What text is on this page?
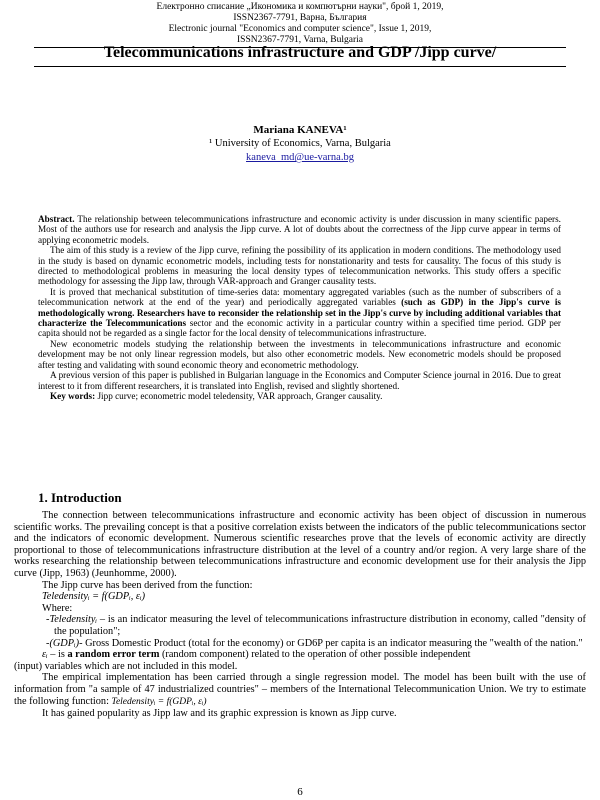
Електронно списание „Икономика и компютърни науки", брой 1, 2019,
ISSN2367-7791, Варна, България
Electronic journal "Economics and computer science", Issue 1, 2019,
ISSN2367-7791, Varna, Bulgaria
Telecommunications infrastructure and GDP /Jipp curve/
Mariana KANEVA¹
¹ University of Economics, Varna, Bulgaria
kaneva_md@ue-varna.bg

Abstract. The relationship between telecommunications infrastructure and economic activity is under discussion in many scientific papers. Most of the authors use for research and analysis the Jipp curve. A lot of doubts about the correctness of the Jipp curve appear in terms of applying econometric models.

The aim of this study is a review of the Jipp curve, refining the possibility of its application in modern conditions. The methodology used in the study is based on dynamic econometric models, including tests for nonstationarity and tests for causality. The focus of this study is directed to methodological problems in measuring the local density types of telecommunication networks. This study offers a specific methodology for assessing the Jipp law, through VAR-approach and Granger causality tests.

It is proved that mechanical substitution of time-series data: momentary aggregated variables (such as the number of subscribers of a telecommunication network at the end of the year) and periodically aggregated variables (such as GDP) in the Jipp's curve is methodologically wrong. Researchers have to reconsider the relationship set in the Jipp's curve by including additional variables that characterize the Telecommunications sector and the economic activity in a particular country within a specified time period. GDP per capita should not be regarded as a single factor for the local density of telecommunications infrastructure.

New econometric models studying the relationship between the investments in telecommunications infrastructure and economic development may be not only linear regression models, but also other econometric models. New econometric models should be proposed after testing and validating with sound economic theory and econometric methodology.

A previous version of this paper is published in Bulgarian language in the Economics and Computer Science journal in 2016. Due to great interest to it from different researchers, it is translated into English, revised and slightly shortened.

Key words: Jipp curve; econometric model teledensity, VAR approach, Granger causality.

1. Introduction

The connection between telecommunications infrastructure and economic activity has been object of discussion in numerous scientific works. The prevailing concept is that a positive correlation exists between the indicators of the public telecommunications sector and the indicators of economic development. Numerous scientific researches prove that the levels of economic activity are directly proportional to those of telecommunications infrastructure distribution at the level of a country and/or region. A very large share of the works researching the relationship between telecommunications infrastructure and economic development use for their analysis the Jipp curve (Jipp, 1963) (Jeunhomme, 2000).

The Jipp curve has been derived from the function:

Teledensityᵢ = f(GDPᵢ, εᵢ)

Where:

-Teledensityᵢ – is an indicator measuring the level of telecommunications infrastructure distribution in economy, called "density of the population";

-(GDPᵢ)- Gross Domestic Product (total for the economy) or GD6P per capita is an indicator measuring the "wealth of the nation."

εᵢ – is a random error term (random component) related to the operation of other possible independent

(input) variables which are not included in this model.

The empirical implementation has been carried through a single regression model. The model has been built with the use of information from "a sample of 47 industrialized countries" – members of the International Telecommunication Union. We try to estimate the following function: Teledensityᵢ = f(GDPᵢ, εᵢ)

It has gained popularity as Jipp law and its graphic expression is known as Jipp curve.

6
